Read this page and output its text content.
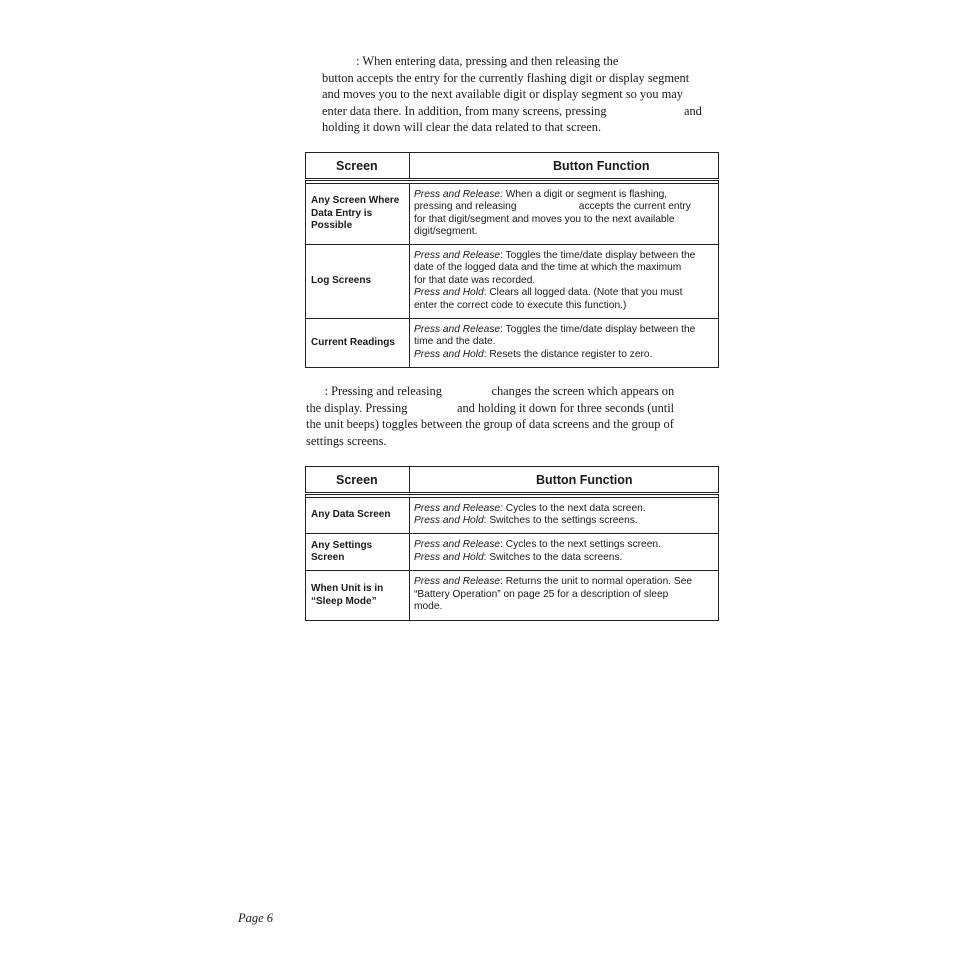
: When entering data, pressing and then releasing the
button accepts the entry for the currently flashing digit or display segment
and moves you to the next available digit or display segment so you may
enter data there. In addition, from many screens, pressing                         and
holding it down will clear the data related to that screen.
Screen	Button Function

Any Screen Where Data Entry is Possible	Press and Release: When a digit or segment is flashing,
pressing and releasing                      accepts the current entry
for that digit/segment and moves you to the next available
digit/segment.

Log Screens	Press and Release: Toggles the time/date display between the
date of the logged data and the time at which the maximum
for that date was recorded.
Press and Hold: Clears all logged data. (Note that you must
enter the correct code to execute this function.)

Current Readings	Press and Release: Toggles the time/date display between the
time and the date.
Press and Hold: Resets the distance register to zero.
: Pressing and releasing                changes the screen which appears on
the display. Pressing                and holding it down for three seconds (until
the unit beeps) toggles between the group of data screens and the group of
settings screens.
Screen	Button Function

Any Data Screen	Press and Release: Cycles to the next data screen.
Press and Hold: Switches to the settings screens.

Any Settings Screen	Press and Release: Cycles to the next settings screen.
Press and Hold: Switches to the data screens.

When Unit is in “Sleep Mode”	Press and Release: Returns the unit to normal operation. See
“Battery Operation” on page 25 for a description of sleep
mode.
Page 6
